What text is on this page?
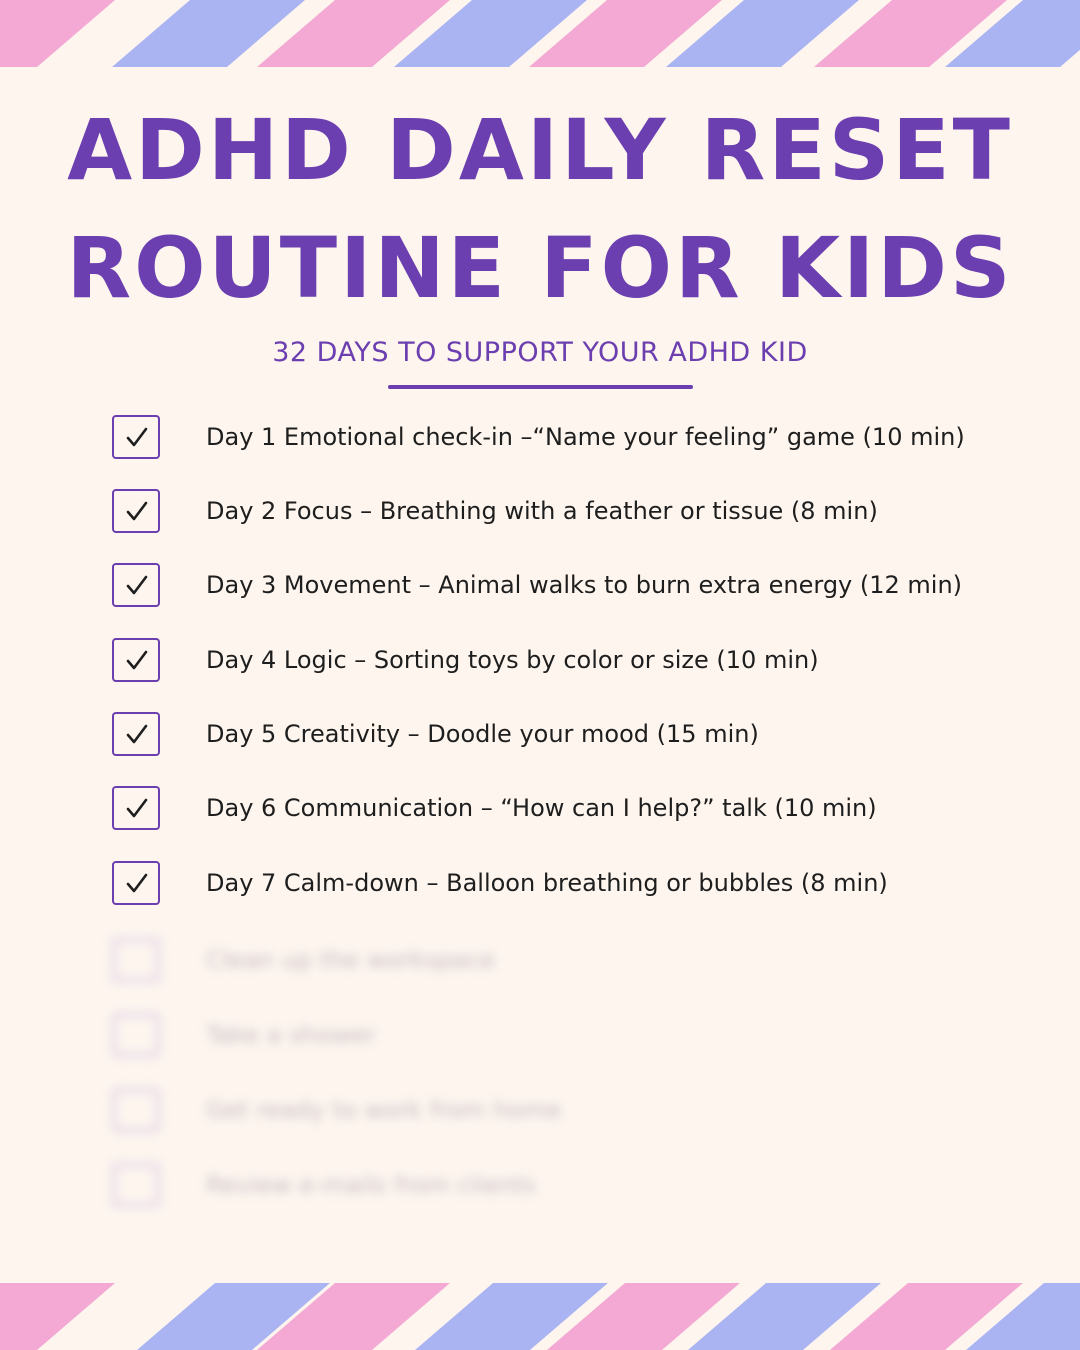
ADHD DAILY RESET
ROUTINE FOR KIDS
32 DAYS TO SUPPORT YOUR ADHD KID
Day 1 Emotional check-in –“Name your feeling” game (10 min)
Day 2 Focus – Breathing with a feather or tissue (8 min)
Day 3 Movement – Animal walks to burn extra energy (12 min)
Day 4 Logic – Sorting toys by color or size (10 min)
Day 5 Creativity – Doodle your mood (15 min)
Day 6 Communication – “How can I help?” talk (10 min)
Day 7 Calm-down – Balloon breathing or bubbles (8 min)
Clean up the workspace
Take a shower
Get ready to work from home
Review e-mails from clients
